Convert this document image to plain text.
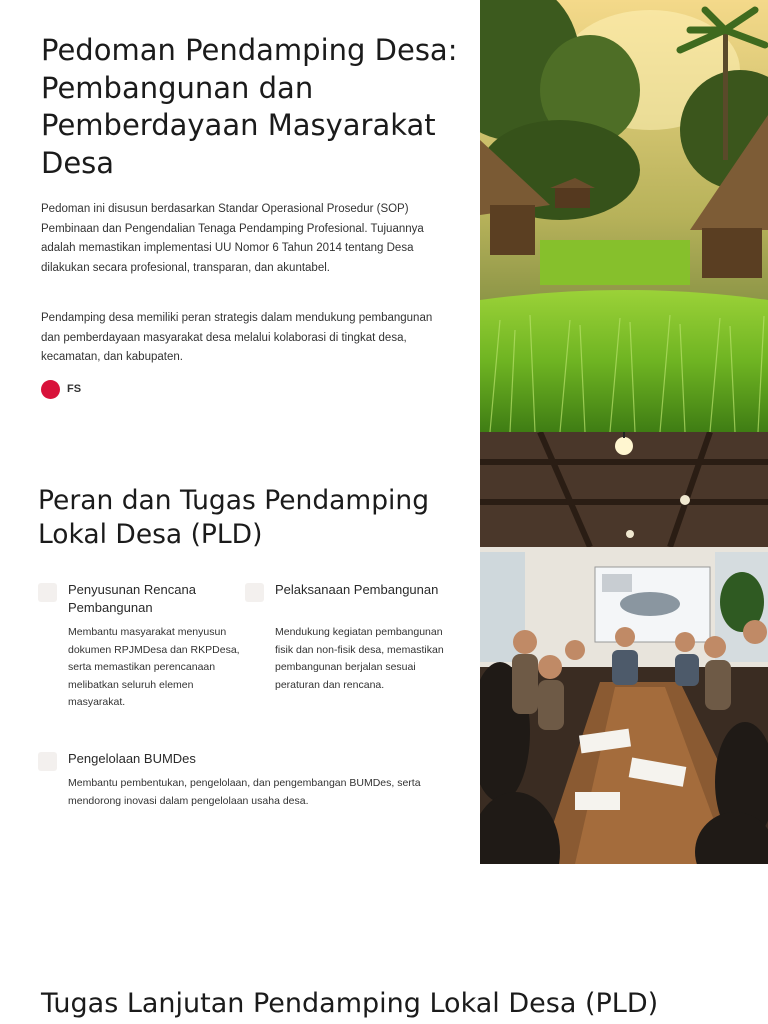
Pedoman Pendamping Desa: Pembangunan dan Pemberdayaan Masyarakat Desa

Pedoman ini disusun berdasarkan Standar Operasional Prosedur (SOP) Pembinaan dan Pengendalian Tenaga Pendamping Profesional. Tujuannya adalah memastikan implementasi UU Nomor 6 Tahun 2014 tentang Desa dilakukan secara profesional, transparan, dan akuntabel.

Pendamping desa memiliki peran strategis dalam mendukung pembangunan dan pemberdayaan masyarakat desa melalui kolaborasi di tingkat desa, kecamatan, dan kabupaten.

FS
Peran dan Tugas Pendamping Lokal Desa (PLD)
Penyusunan Rencana Pembangunan

Membantu masyarakat menyusun dokumen RPJMDesa dan RKPDesa, serta memastikan perencanaan melibatkan seluruh elemen masyarakat.

Pelaksanaan Pembangunan

Mendukung kegiatan pembangunan fisik dan non-fisik desa, memastikan pembangunan berjalan sesuai peraturan dan rencana.

Pengelolaan BUMDes

Membantu pembentukan, pengelolaan, dan pengembangan BUMDes, serta mendorong inovasi dalam pengelolaan usaha desa.

Tugas Lanjutan Pendamping Lokal Desa (PLD)
